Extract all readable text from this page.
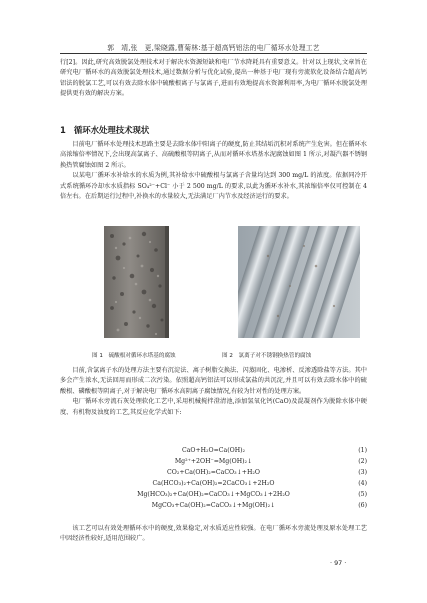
郭　靖,张　更,梁晓露,曹菊林:基于超高钙铝法的电厂循环水处理工艺

行[2]。因此,研究高效脱氯处理技术对于解决水资源短缺和电厂节水降耗具有重要意义。针对以上现状,文章旨在研究电厂循环水的高效脱氯处理技术,通过数据分析与优化试验,提出一种基于电厂现有旁流软化设备结合超高钙铝法的脱氯工艺,可以有效去除水体中硫酸根离子与氯离子,进而有效地提高水资源利用率,为电厂循环水脱氯处理提供更有效的解决方案。

1 循环水处理技术现状

目前电厂循环水处理技术思路主要是去除水体中阳离子的硬度,防止其结垢沉积对系统产生危害。但在循环水高浓缩倍率情况下,会出现高氯离子、高硫酸根等阴离子,从而对循环水塔基水泥腐蚀如图 1 所示,对凝汽器不锈钢换热管腐蚀如图 2 所示。

以某电厂循环水补给水的水质为例,其补给水中硫酸根与氯离子含量均达到 300 mg/L 的浓度。依据同冷开式系统循环冷却水水质指标 SO₄²⁻+Cl⁻ 小于 2 500 mg/L 的要求,以此为循环水补水,其浓缩倍率仅可控制在 4 倍左右。在后期运行过程中,补换水的水量较大,无法满足厂内节水及经济运行的要求。

图 1　硫酸根对循环水塔基的腐蚀	图 2　氯离子对不锈钢换热管的腐蚀

目前,含氯离子水的处理方法主要有沉淀法、离子树脂交换法、闪蒸固化、电渗析、反渗透除盐等方法。其中多会产生浓水,无法回用而形成二次污染。依照超高钙铝法可以形成氯盐的共沉淀,并且可以有效去除水体中的硫酸根、磷酸根等阴离子,对于解决电厂循环水高阴离子腐蚀情况,有较为针对性的处理方案。

电厂循环水旁流石灰处理软化工艺中,采用机械搅拌澄清池,添加氢氧化钙(CaO)及混凝剂作为脱除水体中硬度、有机物及浊度的工艺,其反应化学式如下:

CaO+H₂O=Ca(OH)₂	(1)
Mg²⁺+2OH⁻=Mg(OH)₂↓	(2)
CO₂+Ca(OH)₂=CaCO₃↓+H₂O	(3)
Ca(HCO₃)₂+Ca(OH)₂=2CaCO₃↓+2H₂O	(4)
Mg(HCO₃)₂+Ca(OH)₂=CaCO₃↓+MgCO₃↓+2H₂O	(5)
MgCO₃+Ca(OH)₂=CaCO₃↓+Mg(OH)₂↓	(6)

该工艺可以有效处理循环水中的硬度,效果稳定,对水质适应性较强。在电厂循环水旁流处理及原水处理工艺中因经济性较好,适用范围较广。

· 97 ·
